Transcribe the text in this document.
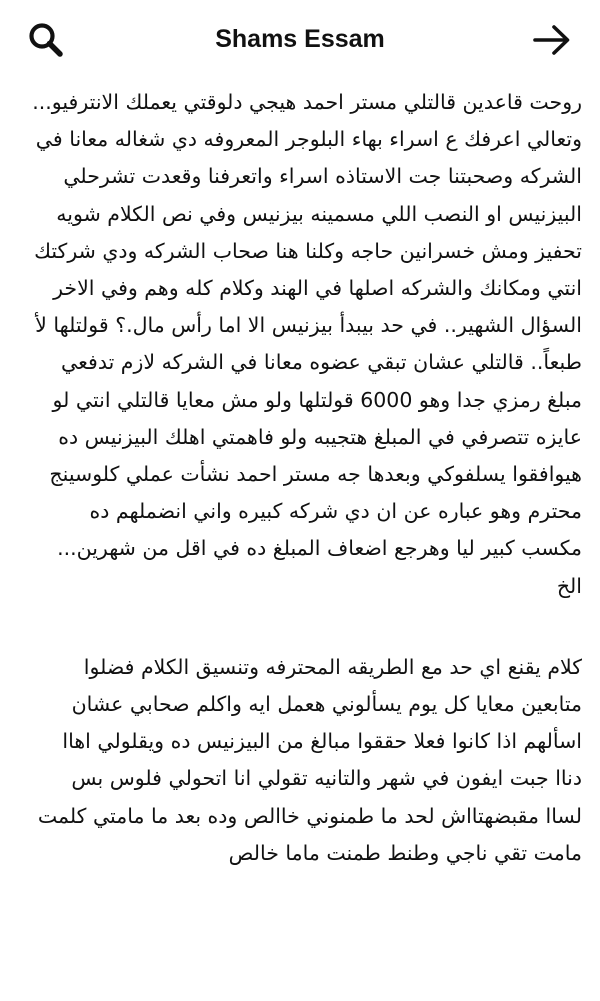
Shams Essam

روحت قاعدين قالتلي مستر احمد هيجي دلوقتي يعملك الانترفيو... وتعالي اعرفك ع اسراء بهاء البلوجر المعروفه دي شغاله معانا في الشركه وصحبتنا جت الاستاذه اسراء واتعرفنا وقعدت تشرحلي البيزنيس او النصب اللي مسمينه بيزنيس وفي نص الكلام شويه تحفيز ومش خسرانين حاجه وكلنا هنا صحاب الشركه ودي شركتك انتي ومكانك والشركه اصلها في الهند وكلام كله وهم وفي الاخر السؤال الشهير.. في حد بيبدأ بيزنيس الا اما رأس مال.؟ قولتلها لأ طبعاً.. قالتلي عشان تبقي عضوه معانا في الشركه لازم تدفعي مبلغ رمزي جدا وهو 6000 قولتلها ولو مش معايا قالتلي انتي لو عايزه تتصرفي في المبلغ هتجيبه ولو فاهمتي اهلك البيزنيس ده هيوافقوا يسلفوكي وبعدها جه مستر احمد نشأت عملي كلوسينج محترم وهو عباره عن ان دي شركه كبيره واني انضملهم ده مكسب كبير ليا وهرجع اضعاف المبلغ ده في اقل من شهرين... الخ

كلام يقنع اي حد مع الطريقه المحترفه وتنسيق الكلام فضلوا متابعين معايا كل يوم يسألوني هعمل ايه واكلم صحابي عشان اسألهم اذا كانوا فعلا حققوا مبالغ من البيزنيس ده ويقلولي اهاا دناا جبت ايفون في شهر والتانيه تقولي انا اتحولي فلوس بس لساا مقبضهتااش لحد ما طمنوني خاالص وده بعد ما مامتي كلمت مامت تقي ناجي وطنط طمنت ماما خالص
